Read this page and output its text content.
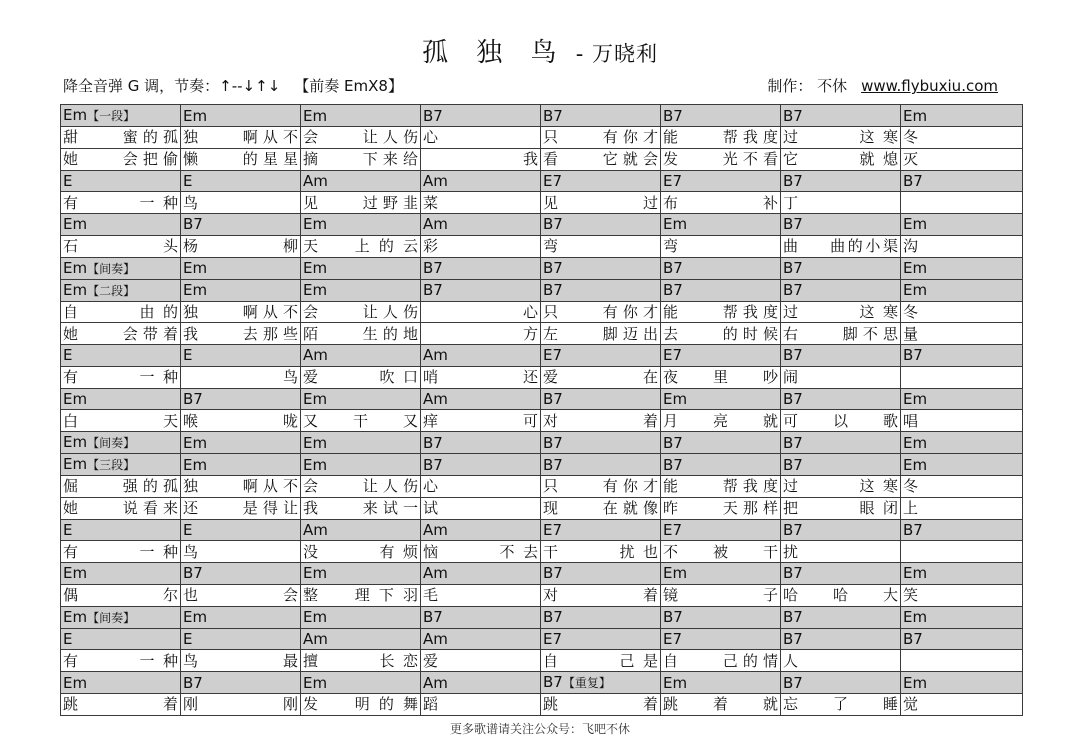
孤 独 鸟 - 万晓利
降全音弹 G 调，节奏：↑--↓↑↓ 【前奏 EmX8】	制作： 不休 www.flybuxiu.com
Em【一段】	Em	Em	B7	B7	B7	B7	Em
甜    蜜的孤	独    啊从不	会    让人伤	心	只    有你才	能    帮我度	过    这寒	冬
她    会把偷	懒    的星星	摘    下来给	我	看    它就会	发    光不看	它    就熄	灭
E	E	Am	Am	E7	E7	B7	B7
有    一种	鸟	见    过野韭	菜	见    过	布    补	丁	
Em	B7	Em	Am	B7	Em	B7	Em
石  头	杨  柳	天  上的云	彩	弯	弯	曲    曲的小渠	沟
Em【间奏】	Em	Em	B7	B7	B7	B7	Em
Em【二段】	Em	Em	B7	B7	B7	B7	Em
自    由的	独    啊从不	会    让人伤	心	只    有你才	能    帮我度	过    这寒	冬
她    会带着	我    去那些	陌    生的地	方	左    脚迈出	去    的时候	右    脚不思	量
E	E	Am	Am	E7	E7	B7	B7
有    一种	鸟	爱    吹口	哨    还	爱    在	夜  里  吵	闹	
Em	B7	Em	Am	B7	Em	B7	Em
白  天	喉  咙	又  干  又	痒    可	对  着	月  亮  就	可  以  歌	唱
Em【间奏】	Em	Em	B7	B7	B7	B7	Em
Em【三段】	Em	Em	B7	B7	B7	B7	Em
倔    强的孤	独    啊从不	会    让人伤	心	只    有你才	能    帮我度	过    这寒	冬
她    说看来	还    是得让	我    来试一	试	现    在就像	昨    天那样	把    眼闭	上
E	E	Am	Am	E7	E7	B7	B7
有    一种	鸟	没    有烦	恼    不去	干    扰也	不  被  干	扰	
Em	B7	Em	Am	B7	Em	B7	Em
偶  尔	也  会	整  理下羽	毛	对  着	镜  子	哈  哈  大	笑
Em【间奏】	Em	Em	B7	B7	B7	B7	Em
E	E	Am	Am	E7	E7	B7	B7
有    一种	鸟    最	擅    长恋	爱	自    己是	自    己的情	人	
Em	B7	Em	Am	B7【重复】	Em	B7	Em
跳  着	刚  刚	发  明的舞	蹈	跳  着	跳  着  就	忘  了  睡	觉
更多歌谱请关注公众号：飞吧不休
